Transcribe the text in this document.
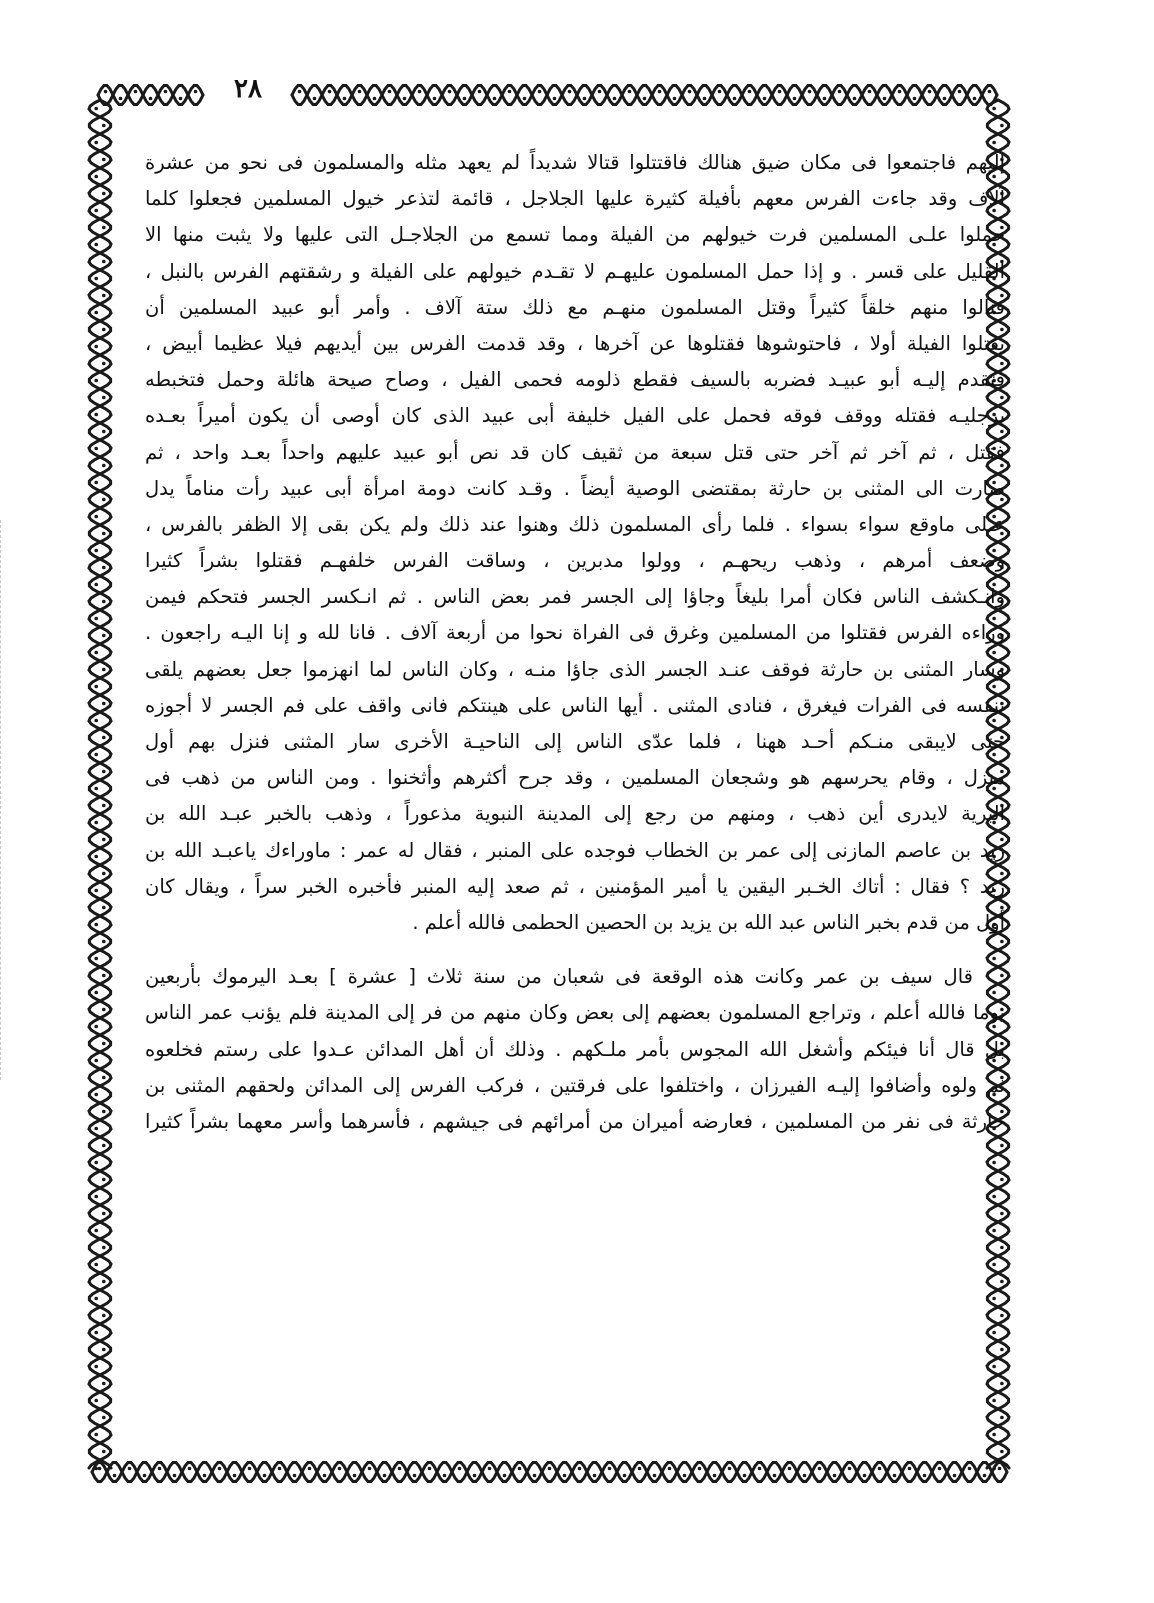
٢٨
إليهم فاجتمعوا فى مكان ضيق هنالك فاقتتلوا قتالا شديداً لم يعهد مثله والمسلمون فى نحو من عشرة
آلاف وقد جاءت الفرس معهم بأفيلة كثيرة عليها الجلاجل ، قائمة لتذعر خيول المسلمين فجعلوا كلما
حملوا علـى المسلمين فرت خيولهم من الفيلة ومما تسمع من الجلاجـل التى عليها ولا يثبت منها الا
القليل على قسر . و إذا حمل المسلمون عليهـم لا تقـدم خيولهم على الفيلة و رشقتهم الفرس بالنبل ،
فنالوا منهم خلقاً كثيراً وقتل المسلمون منهـم مع ذلك ستة آلاف . وأمر أبو عبيد المسلمين أن
يقتلوا الفيلة أولا ، فاحتوشوها فقتلوها عن آخرها ، وقد قدمت الفرس بين أيديهم فيلا عظيما أبيض ،
فتقدم إليـه أبو عبيـد فضربه بالسيف فقطع ذلومه فحمى الفيل ، وصاح صيحة هائلة وحمل فتخبطه
برجليـه فقتله ووقف فوقه فحمل على الفيل خليفة أبى عبيد الذى كان أوصى أن يكون أميراً بعـده
فقتل ، ثم آخر ثم آخر حتى قتل سبعة من ثقيف كان قد نص أبو عبيد عليهم واحداً بعـد واحد ، ثم
صارت الى المثنى بن حارثة بمقتضى الوصية أيضاً . وقـد كانت دومة امرأة أبى عبيد رأت مناماً يدل
عـلى ماوقع سواء بسواء . فلما رأى المسلمون ذلك وهنوا عند ذلك ولم يكن بقى إلا الظفر بالفرس ،
وضعف أمرهم ، وذهب ريحهـم ، وولوا مدبرين ، وساقت الفرس خلفهـم فقتلوا بشراً كثيرا
وانـكشف الناس فكان أمرا بليغاً وجاؤا إلى الجسر فمر بعض الناس . ثم انـكسر الجسر فتحكم فيمن
وراءه الفرس فقتلوا من المسلمين وغرق فى الفراة نحوا من أربعة آلاف . فانا لله و إنا اليـه راجعون .
وسار المثنى بن حارثة فوقف عنـد الجسر الذى جاؤا منـه ، وكان الناس لما انهزموا جعل بعضهم يلقى
بنفسه فى الفرات فيغرق ، فنادى المثنى . أيها الناس على هينتكم فانى واقف على فم الجسر لا أجوزه
حتى لايبقى منـكم أحـد ههنا ، فلما عدّى الناس إلى الناحيـة الأخرى سار المثنى فنزل بهم أول
منزل ، وقام يحرسهم هو وشجعان المسلمين ، وقد جرح أكثرهم وأثخنوا . ومن الناس من ذهب فى
البرية لايدرى أين ذهب ، ومنهم من رجع إلى المدينة النبوية مذعوراً ، وذهب بالخبر عبـد الله بن
زيد بن عاصم المازنى إلى عمر بن الخطاب فوجده على المنبر ، فقال له عمر : ماوراءك ياعبـد الله بن
زيد ؟ فقال : أتاك الخـبر اليقين يا أمير المؤمنين ، ثم صعد إليه المنبر فأخبره الخبر سراً ، ويقال كان
أول من قدم بخبر الناس عبد الله بن يزيد بن الحصين الحطمى فالله أعلم .
قال سيف بن عمر وكانت هذه الوقعة فى شعبان من سنة ثلاث [ عشرة ] بعـد اليرموك بأربعين
يوما فالله أعلم ، وتراجع المسلمون بعضهم إلى بعض وكان منهم من فر إلى المدينة فلم يؤنب عمر الناس
بل قال أنا فيئكم وأشغل الله المجوس بأمر ملـكهم . وذلك أن أهل المدائن عـدوا على رستم فخلعوه
ثم ولوه وأضافوا إليـه الفيرزان ، واختلفوا على فرقتين ، فركب الفرس إلى المدائن ولحقهم المثنى بن
حارثة فى نفر من المسلمين ، فعارضه أميران من أمرائهم فى جيشهم ، فأسرهما وأسر معهما بشراً كثيرا
